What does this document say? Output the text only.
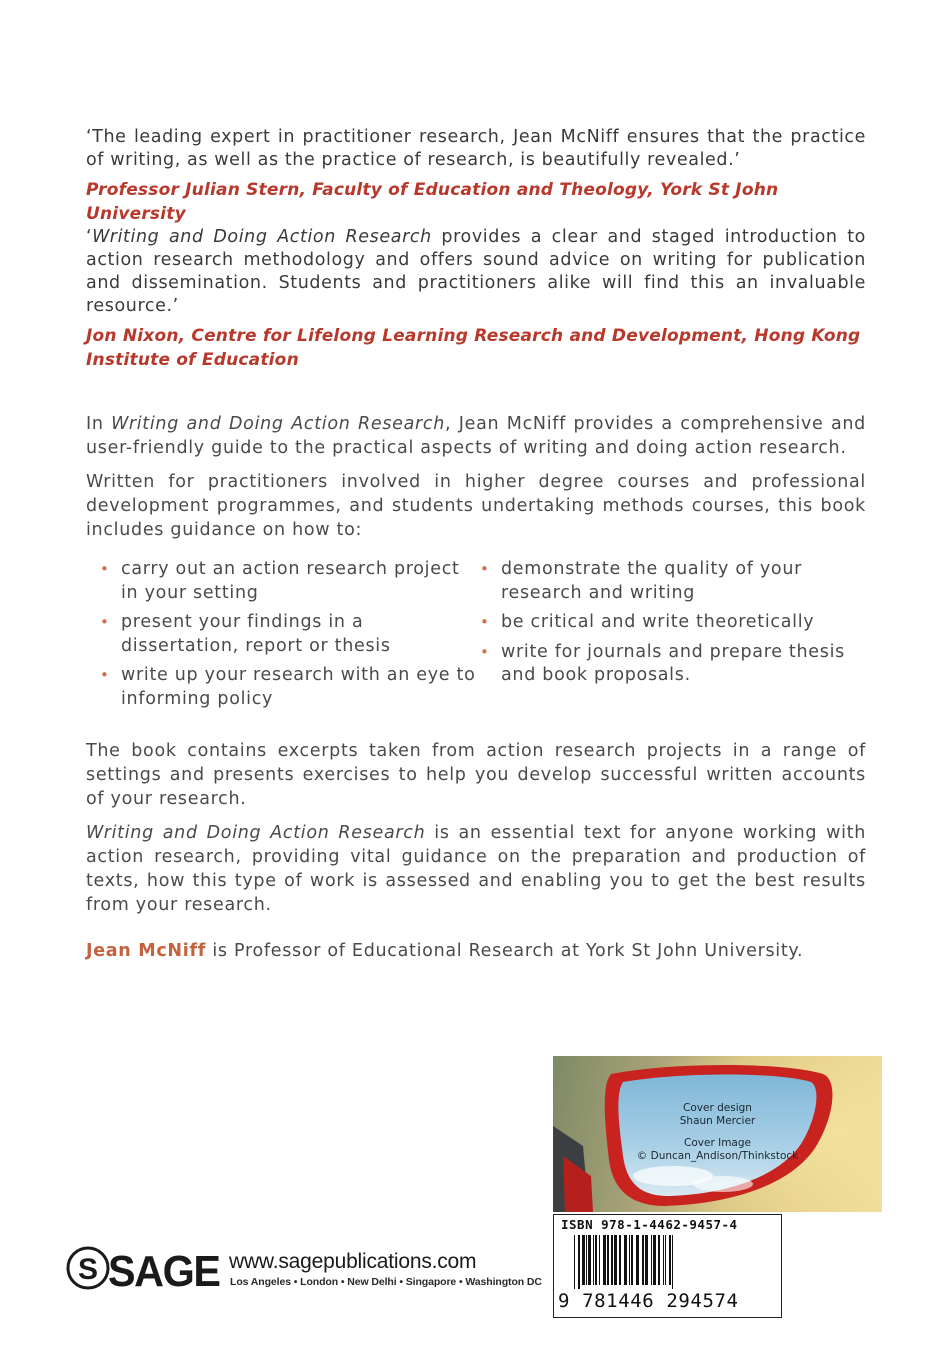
‘The leading expert in practitioner research, Jean McNiff ensures that the practice of writing, as well as the practice of research, is beautifully revealed.’
Professor Julian Stern, Faculty of Education and Theology, York St John University
‘Writing and Doing Action Research provides a clear and staged introduction to action research methodology and offers sound advice on writing for publication and dissemination. Students and practitioners alike will find this an invaluable resource.’
Jon Nixon, Centre for Lifelong Learning Research and Development, Hong Kong Institute of Education

In Writing and Doing Action Research, Jean McNiff provides a comprehensive and user-friendly guide to the practical aspects of writing and doing action research.

Written for practitioners involved in higher degree courses and professional development programmes, and students undertaking methods courses, this book includes guidance on how to:

• carry out an action research project in your setting
• present your findings in a dissertation, report or thesis
• write up your research with an eye to informing policy
• demonstrate the quality of your research and writing
• be critical and write theoretically
• write for journals and prepare thesis and book proposals.

The book contains excerpts taken from action research projects in a range of settings and presents exercises to help you develop successful written accounts of your research.

Writing and Doing Action Research is an essential text for anyone working with action research, providing vital guidance on the preparation and production of texts, how this type of work is assessed and enabling you to get the best results from your research.

Jean McNiff is Professor of Educational Research at York St John University.

Cover design
Shaun Mercier
Cover Image
© Duncan_Andison/Thinkstock
ISBN 978-1-4462-9457-4
9 781446 294574
S SAGE www.sagepublications.com
Los Angeles • London • New Delhi • Singapore • Washington DC
